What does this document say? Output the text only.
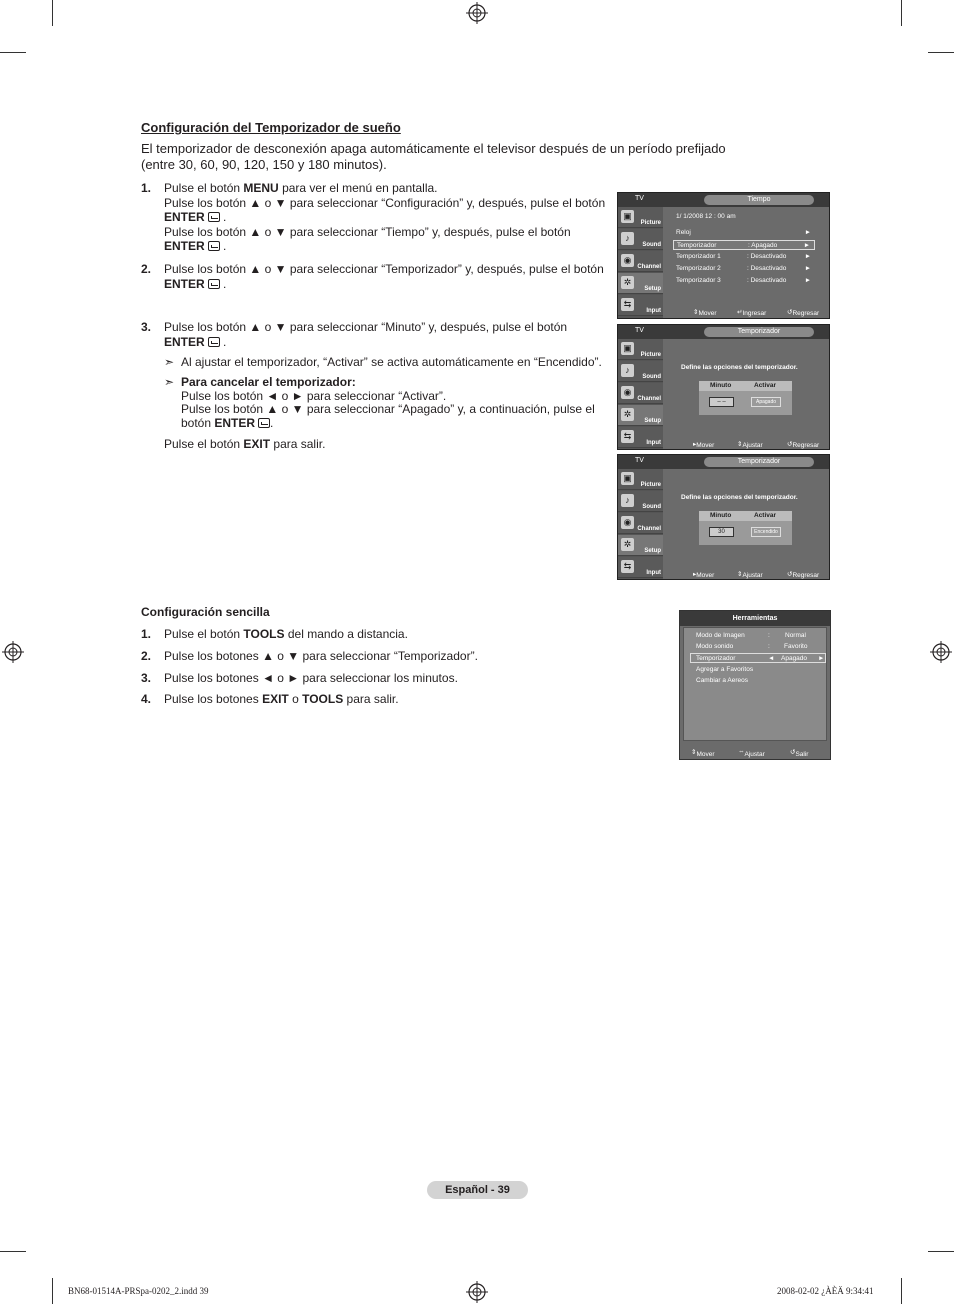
Configuración del Temporizador de sueño
El temporizador de desconexión apaga automáticamente el televisor después de un período prefijado (entre 30, 60, 90, 120, 150 y 180 minutos).
1. Pulse el botón MENU para ver el menú en pantalla.
Pulse los botón ▲ o ▼ para seleccionar “Configuración” y, después, pulse el botón
ENTER .
Pulse los botón ▲ o ▼ para seleccionar “Tiempo” y, después, pulse el botón
ENTER .
2. Pulse los botón ▲ o ▼ para seleccionar “Temporizador” y, después, pulse el botón
ENTER .
3. Pulse los botón ▲ o ▼ para seleccionar “Minuto” y, después, pulse el botón
ENTER .
➣ Al ajustar el temporizador, “Activar” se activa automáticamente en “Encendido”.
➣ Para cancelar el temporizador:
Pulse los botón ◄ o ► para seleccionar “Activar”.
Pulse los botón ▲ o ▼ para seleccionar “Apagado” y, a continuación, pulse el
botón ENTER .
Pulse el botón EXIT para salir.
TV	Tiempo
▣
Picture
♪
Sound
◉
Channel
✲
Setup
⇆
Input
1/ 1/2008 12 : 00 am
Reloj	►
Temporizador	: Apagado	►
Temporizador 1	: Desactivado	►
Temporizador 2	: Desactivado	►
Temporizador 3	: Desactivado	►
⇕ Mover	↵ Ingresar	↺ Regresar
TV	Temporizador
▣
Picture
♪
Sound
◉
Channel
✲
Setup
⇆
Input
Define las opciones del temporizador.
Minuto	Activar
– –	Apagado
▸ Mover	⇕ Ajustar	↺ Regresar
TV	Temporizador
▣
Picture
♪
Sound
◉
Channel
✲
Setup
⇆
Input
Define las opciones del temporizador.
Minuto	Activar
30	Encendido
▸ Mover	⇕ Ajustar	↺ Regresar
Configuración sencilla
1. Pulse el botón TOOLS del mando a distancia.
2. Pulse los botones ▲ o ▼ para seleccionar “Temporizador”.
3. Pulse los botones ◄ o ► para seleccionar los minutos.
4. Pulse los botones EXIT o TOOLS para salir.
Herramientas
Modo de Imagen	: Normal
Modo sonido	: Favorito
Temporizador	◄ Apagado ►
Agregar a Favoritos
Cambiar a Aereos
⇕ Mover	⇔ Ajustar	↺ Salir
Español - 39
BN68-01514A-PRSpa-0202_2.indd 39	2008-02-02 ¿ÀÈÄ 9:34:41
